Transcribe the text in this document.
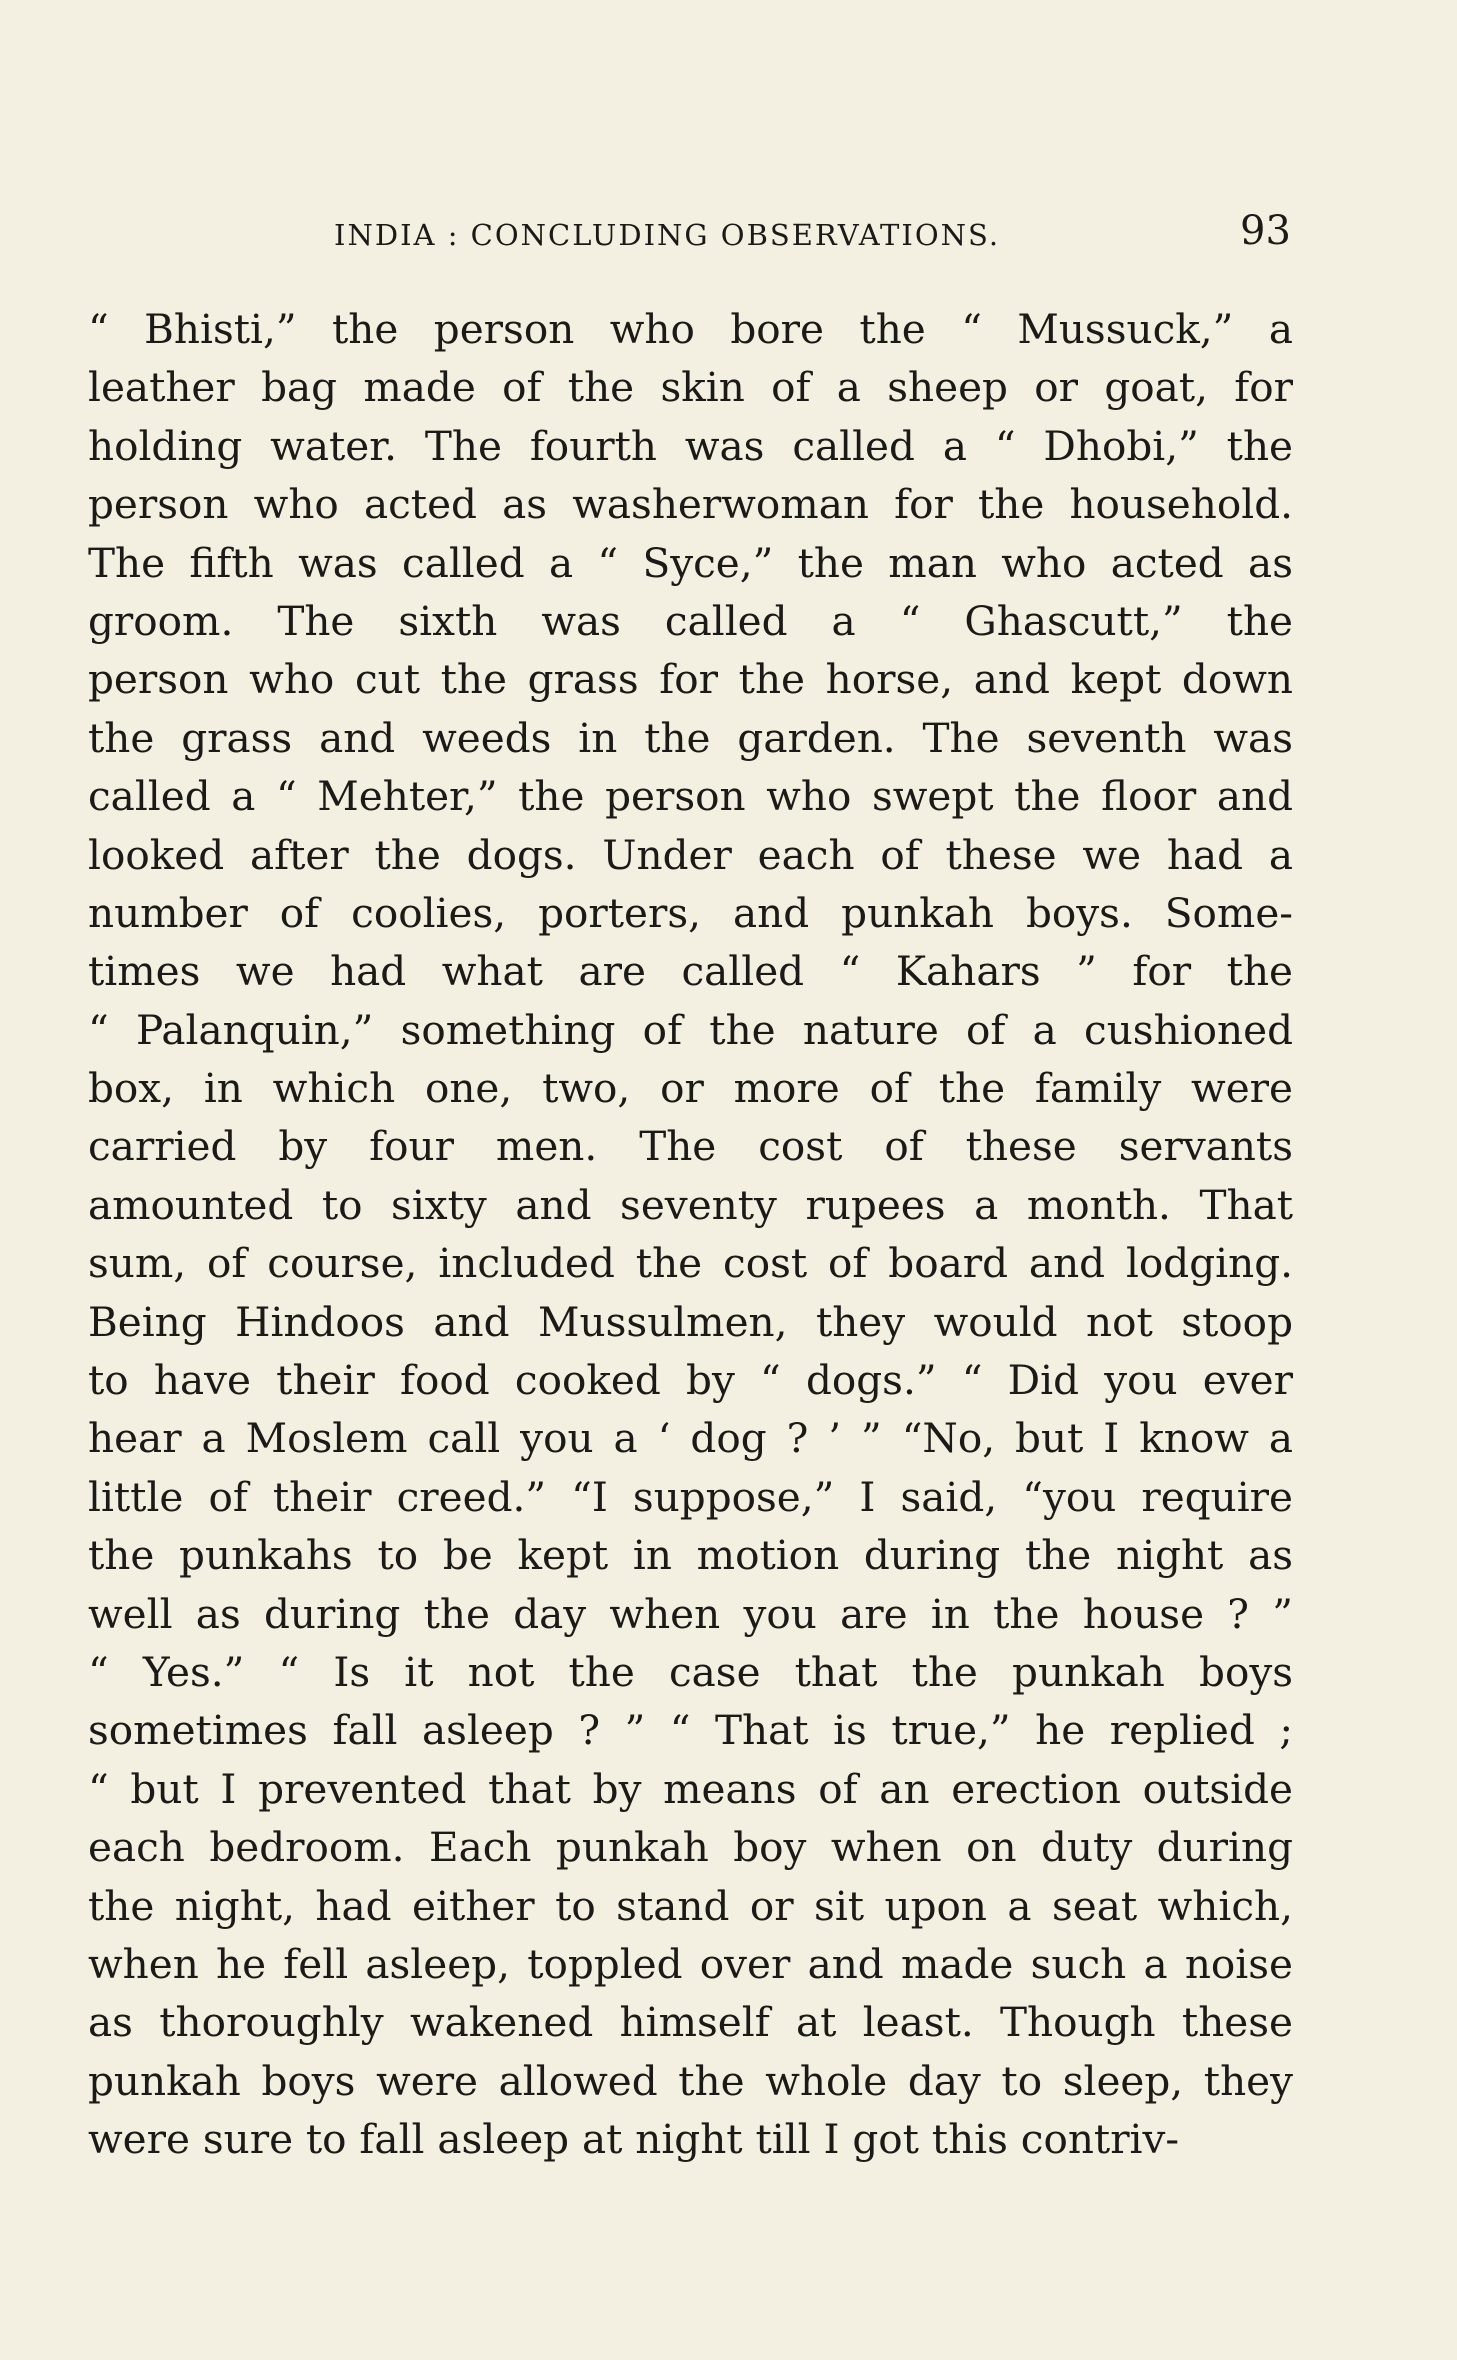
INDIA : CONCLUDING OBSERVATIONS.	93
“ Bhisti,” the person who bore the “ Mussuck,” a
leather bag made of the skin of a sheep or goat, for
holding water. The fourth was called a “ Dhobi,” the
person who acted as washerwoman for the household.
The fifth was called a “ Syce,” the man who acted as
groom. The sixth was called a “ Ghascutt,” the
person who cut the grass for the horse, and kept down
the grass and weeds in the garden. The seventh was
called a “ Mehter,” the person who swept the floor and
looked after the dogs. Under each of these we had a
number of coolies, porters, and punkah boys. Some-
times we had what are called “ Kahars ” for the
“ Palanquin,” something of the nature of a cushioned
box, in which one, two, or more of the family were
carried by four men. The cost of these servants
amounted to sixty and seventy rupees a month. That
sum, of course, included the cost of board and lodging.
Being Hindoos and Mussulmen, they would not stoop
to have their food cooked by “ dogs.” “ Did you ever
hear a Moslem call you a ‘ dog ? ’ ” “No, but I know a
little of their creed.” “I suppose,” I said, “you require
the punkahs to be kept in motion during the night as
well as during the day when you are in the house ? ”
“ Yes.” “ Is it not the case that the punkah boys
sometimes fall asleep ? ” “ That is true,” he replied ;
“ but I prevented that by means of an erection outside
each bedroom. Each punkah boy when on duty during
the night, had either to stand or sit upon a seat which,
when he fell asleep, toppled over and made such a noise
as thoroughly wakened himself at least. Though these
punkah boys were allowed the whole day to sleep, they
were sure to fall asleep at night till I got this contriv-
